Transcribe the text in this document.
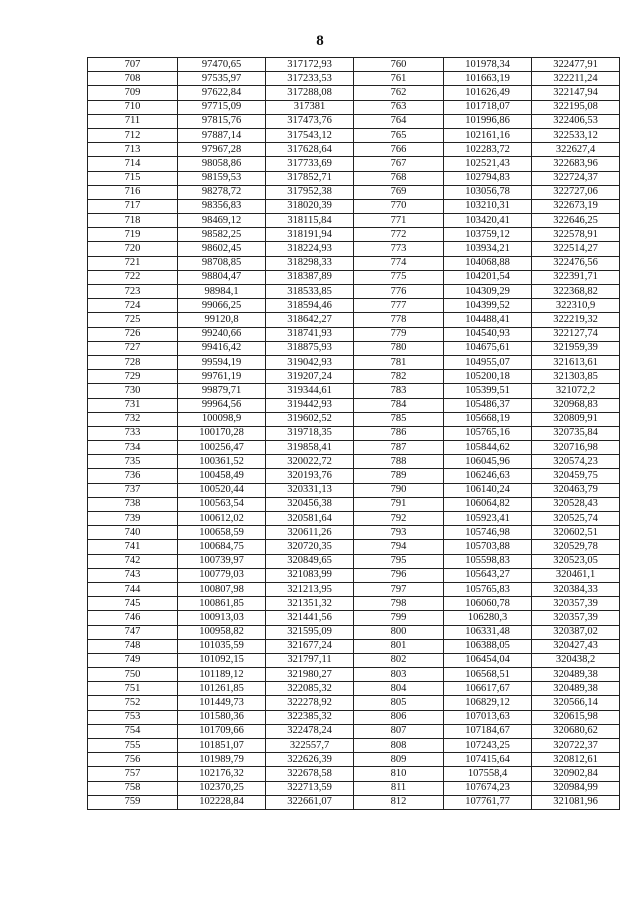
8
707	97470,65	317172,93	760	101978,34	322477,91
708	97535,97	317233,53	761	101663,19	322211,24
709	97622,84	317288,08	762	101626,49	322147,94
710	97715,09	317381	763	101718,07	322195,08
711	97815,76	317473,76	764	101996,86	322406,53
712	97887,14	317543,12	765	102161,16	322533,12
713	97967,28	317628,64	766	102283,72	322627,4
714	98058,86	317733,69	767	102521,43	322683,96
715	98159,53	317852,71	768	102794,83	322724,37
716	98278,72	317952,38	769	103056,78	322727,06
717	98356,83	318020,39	770	103210,31	322673,19
718	98469,12	318115,84	771	103420,41	322646,25
719	98582,25	318191,94	772	103759,12	322578,91
720	98602,45	318224,93	773	103934,21	322514,27
721	98708,85	318298,33	774	104068,88	322476,56
722	98804,47	318387,89	775	104201,54	322391,71
723	98984,1	318533,85	776	104309,29	322368,82
724	99066,25	318594,46	777	104399,52	322310,9
725	99120,8	318642,27	778	104488,41	322219,32
726	99240,66	318741,93	779	104540,93	322127,74
727	99416,42	318875,93	780	104675,61	321959,39
728	99594,19	319042,93	781	104955,07	321613,61
729	99761,19	319207,24	782	105200,18	321303,85
730	99879,71	319344,61	783	105399,51	321072,2
731	99964,56	319442,93	784	105486,37	320968,83
732	100098,9	319602,52	785	105668,19	320809,91
733	100170,28	319718,35	786	105765,16	320735,84
734	100256,47	319858,41	787	105844,62	320716,98
735	100361,52	320022,72	788	106045,96	320574,23
736	100458,49	320193,76	789	106246,63	320459,75
737	100520,44	320331,13	790	106140,24	320463,79
738	100563,54	320456,38	791	106064,82	320528,43
739	100612,02	320581,64	792	105923,41	320525,74
740	100658,59	320611,26	793	105746,98	320602,51
741	100684,75	320720,35	794	105703,88	320529,78
742	100739,97	320849,65	795	105598,83	320523,05
743	100779,03	321083,99	796	105643,27	320461,1
744	100807,98	321213,95	797	105765,83	320384,33
745	100861,85	321351,32	798	106060,78	320357,39
746	100913,03	321441,56	799	106280,3	320357,39
747	100958,82	321595,09	800	106331,48	320387,02
748	101035,59	321677,24	801	106388,05	320427,43
749	101092,15	321797,11	802	106454,04	320438,2
750	101189,12	321980,27	803	106568,51	320489,38
751	101261,85	322085,32	804	106617,67	320489,38
752	101449,73	322278,92	805	106829,12	320566,14
753	101580,36	322385,32	806	107013,63	320615,98
754	101709,66	322478,24	807	107184,67	320680,62
755	101851,07	322557,7	808	107243,25	320722,37
756	101989,79	322626,39	809	107415,64	320812,61
757	102176,32	322678,58	810	107558,4	320902,84
758	102370,25	322713,59	811	107674,23	320984,99
759	102228,84	322661,07	812	107761,77	321081,96
